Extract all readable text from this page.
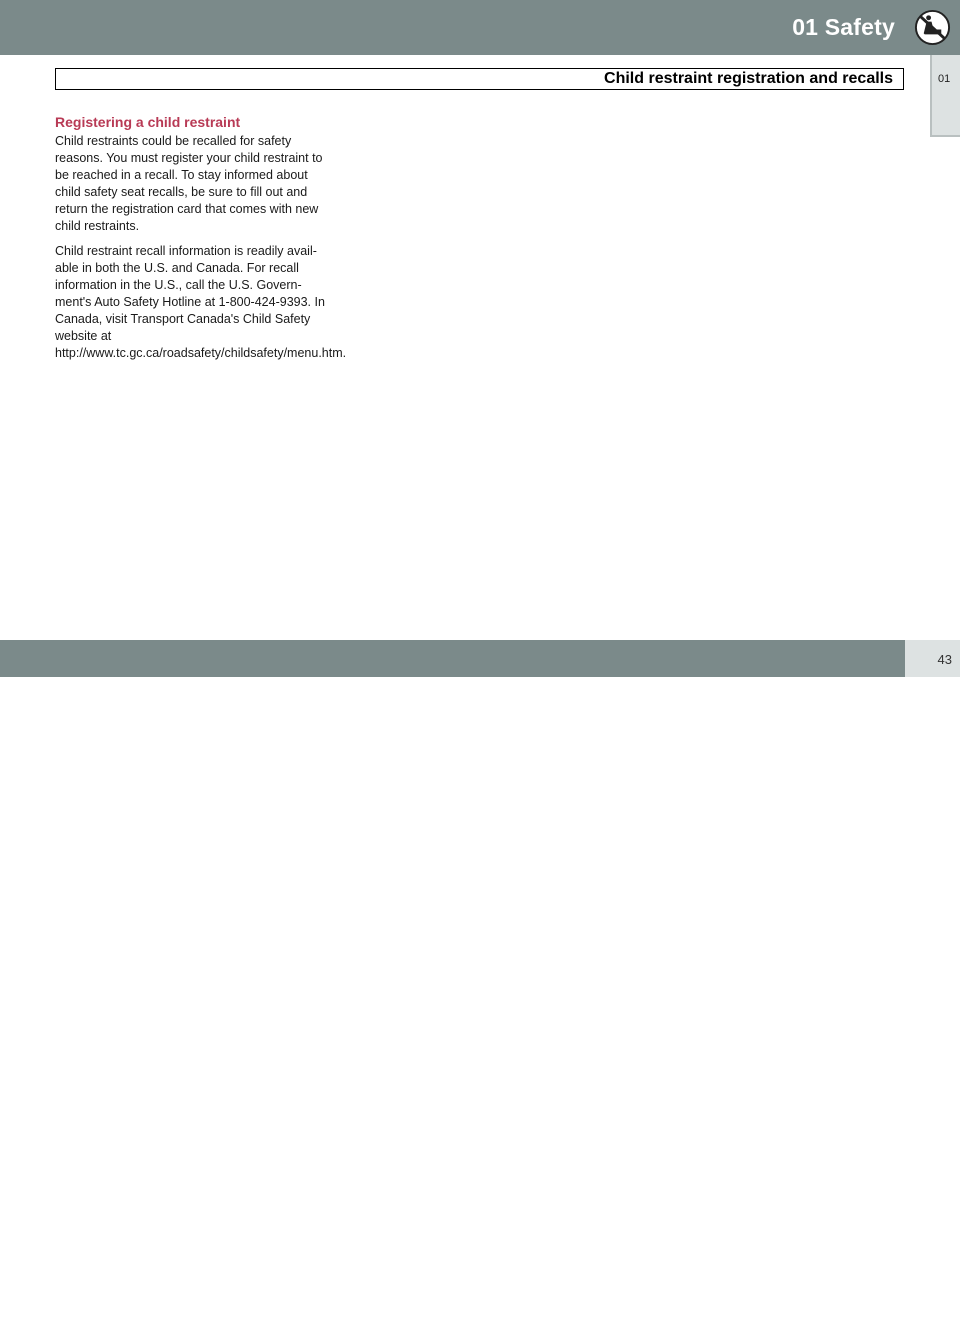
01 Safety
Child restraint registration and recalls	01
Registering a child restraint

Child restraints could be recalled for safety reasons. You must register your child restraint to be reached in a recall. To stay informed about child safety seat recalls, be sure to fill out and return the registration card that comes with new child restraints.

Child restraint recall information is readily avail-able in both the U.S. and Canada. For recall information in the U.S., call the U.S. Govern-ment's Auto Safety Hotline at 1-800-424-9393. In Canada, visit Transport Canada's Child Safety website at http://www.tc.gc.ca/roadsafety/childsafety/menu.htm.

carmanualsonline.info
43
